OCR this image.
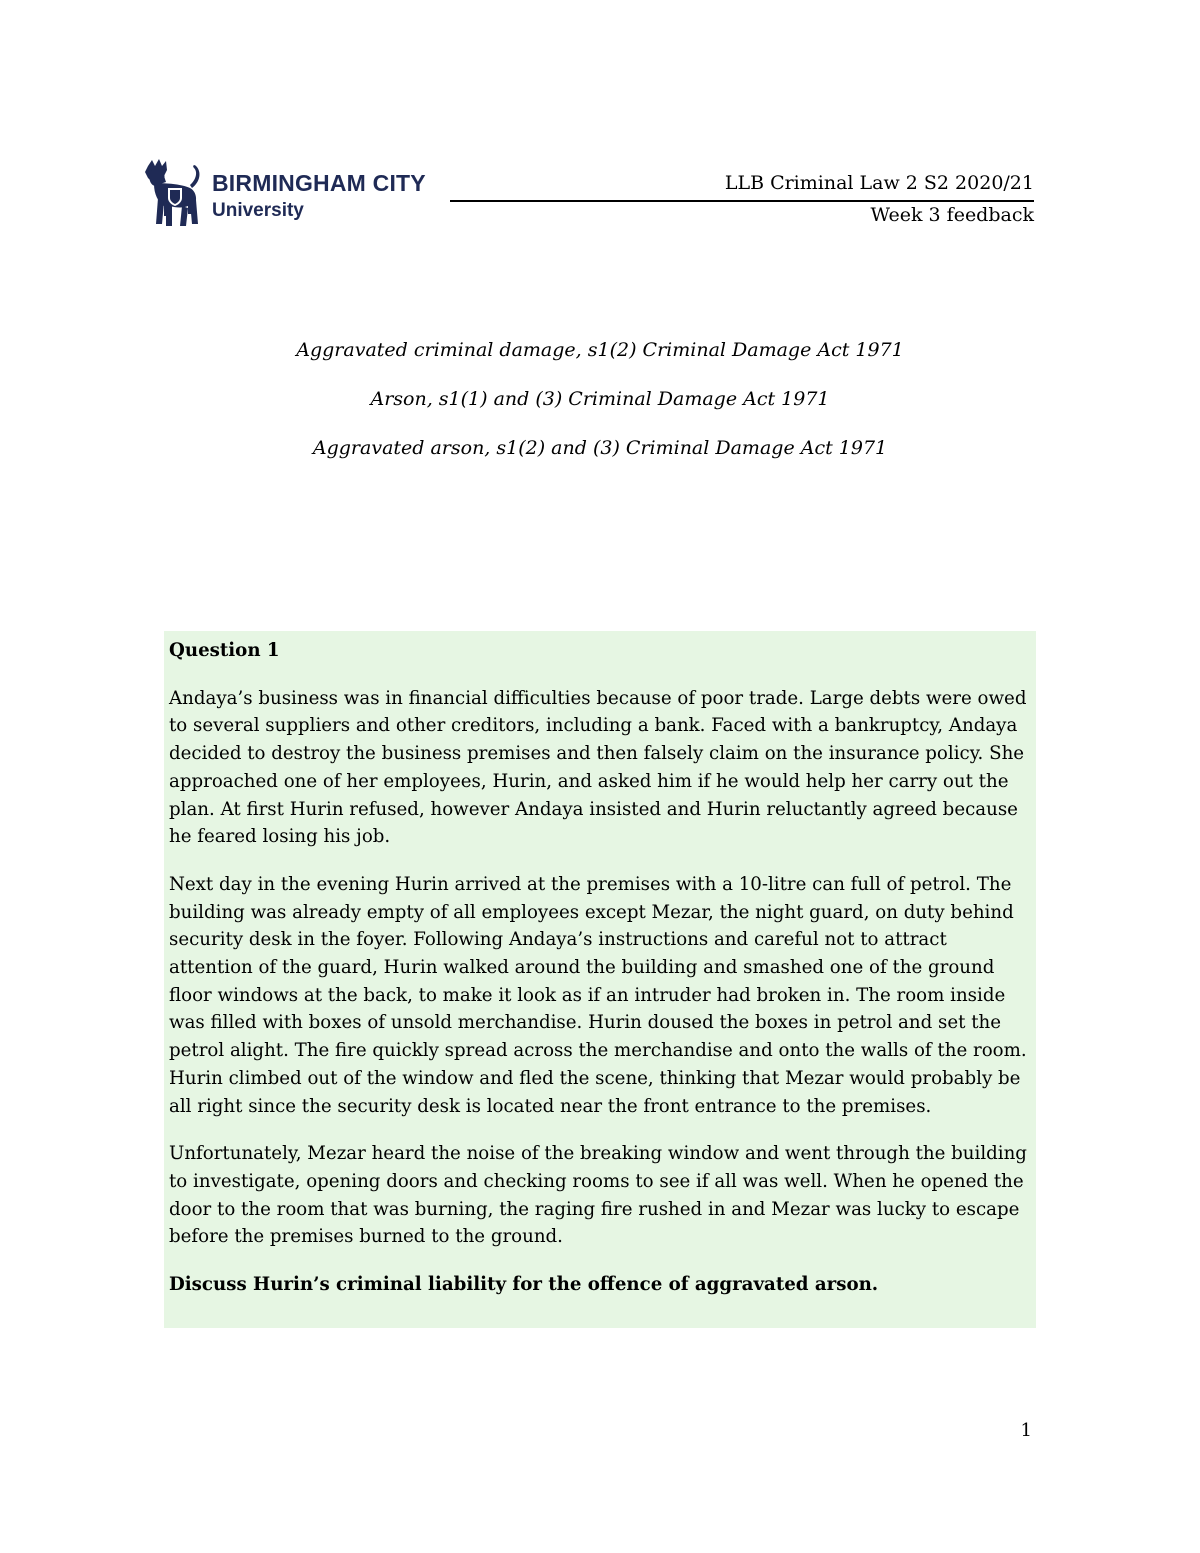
BIRMINGHAM CITY
University
LLB Criminal Law 2 S2 2020/21
Week 3 feedback

Aggravated criminal damage, s1(2) Criminal Damage Act 1971

Arson, s1(1) and (3) Criminal Damage Act 1971

Aggravated arson, s1(2) and (3) Criminal Damage Act 1971

Question 1

Andaya’s business was in financial difficulties because of poor trade. Large debts were owed to several suppliers and other creditors, including a bank. Faced with a bankruptcy, Andaya decided to destroy the business premises and then falsely claim on the insurance policy. She approached one of her employees, Hurin, and asked him if he would help her carry out the plan. At first Hurin refused, however Andaya insisted and Hurin reluctantly agreed because he feared losing his job.

Next day in the evening Hurin arrived at the premises with a 10-litre can full of petrol. The building was already empty of all employees except Mezar, the night guard, on duty behind security desk in the foyer. Following Andaya’s instructions and careful not to attract attention of the guard, Hurin walked around the building and smashed one of the ground floor windows at the back, to make it look as if an intruder had broken in. The room inside was filled with boxes of unsold merchandise. Hurin doused the boxes in petrol and set the petrol alight. The fire quickly spread across the merchandise and onto the walls of the room. Hurin climbed out of the window and fled the scene, thinking that Mezar would probably be all right since the security desk is located near the front entrance to the premises.

Unfortunately, Mezar heard the noise of the breaking window and went through the building to investigate, opening doors and checking rooms to see if all was well. When he opened the door to the room that was burning, the raging fire rushed in and Mezar was lucky to escape before the premises burned to the ground.

Discuss Hurin’s criminal liability for the offence of aggravated arson.

1
